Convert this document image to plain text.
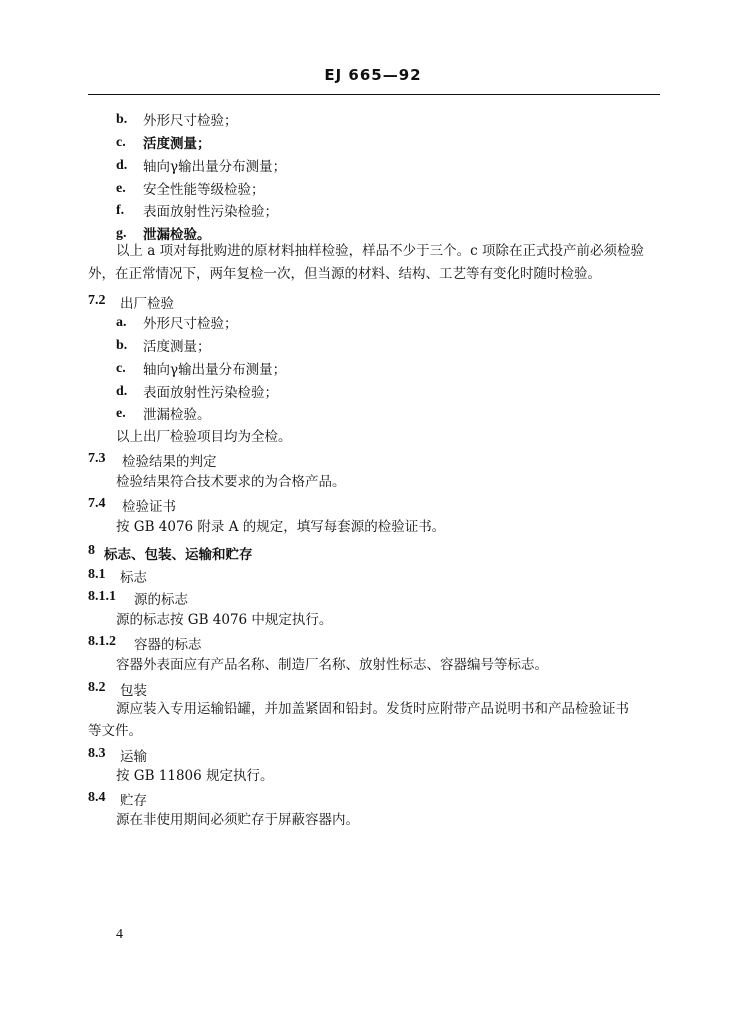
EJ 665—92
b. 外形尺寸检验；
c. 活度测量；
d. 轴向γ输出量分布测量；
e. 安全性能等级检验；
f. 表面放射性污染检验；
g. 泄漏检验。
以上 a 项对每批购进的原材料抽样检验，样品不少于三个。c 项除在正式投产前必须检验外，在正常情况下，两年复检一次，但当源的材料、结构、工艺等有变化时随时检验。
7.2 出厂检验
a. 外形尺寸检验；
b. 活度测量；
c. 轴向γ输出量分布测量；
d. 表面放射性污染检验；
e. 泄漏检验。
以上出厂检验项目均为全检。
7.3 检验结果的判定
检验结果符合技术要求的为合格产品。
7.4 检验证书
按 GB 4076 附录 A 的规定，填写每套源的检验证书。
8 标志、包装、运输和贮存
8.1 标志
8.1.1 源的标志
源的标志按 GB 4076 中规定执行。
8.1.2 容器的标志
容器外表面应有产品名称、制造厂名称、放射性标志、容器编号等标志。
8.2 包装
源应装入专用运输铅罐，并加盖紧固和铅封。发货时应附带产品说明书和产品检验证书
等文件。
8.3 运输
按 GB 11806 规定执行。
8.4 贮存
源在非使用期间必须贮存于屏蔽容器内。
4
